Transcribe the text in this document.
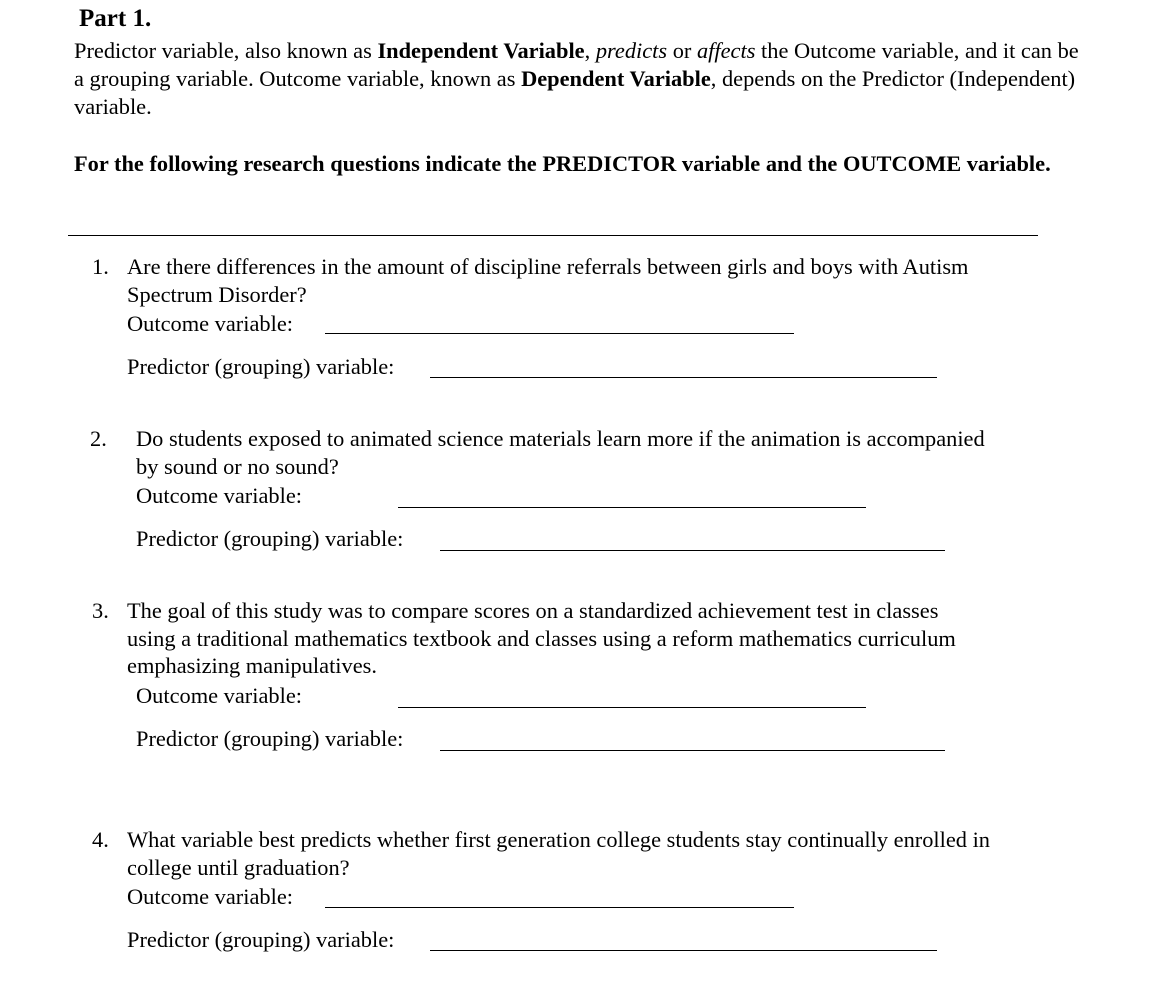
Part 1.
Predictor variable, also known as Independent Variable, predicts or affects the Outcome variable, and it can be a grouping variable. Outcome variable, known as Dependent Variable, depends on the Predictor (Independent) variable.
For the following research questions indicate the PREDICTOR variable and the OUTCOME variable.
1. Are there differences in the amount of discipline referrals between girls and boys with Autism
Spectrum Disorder?
Outcome variable:
Predictor (grouping) variable:
2. Do students exposed to animated science materials learn more if the animation is accompanied
by sound or no sound?
Outcome variable:
Predictor (grouping) variable:
3. The goal of this study was to compare scores on a standardized achievement test in classes
using a traditional mathematics textbook and classes using a reform mathematics curriculum
emphasizing manipulatives.
Outcome variable:
Predictor (grouping) variable:
4. What variable best predicts whether first generation college students stay continually enrolled in
college until graduation?
Outcome variable:
Predictor (grouping) variable:
